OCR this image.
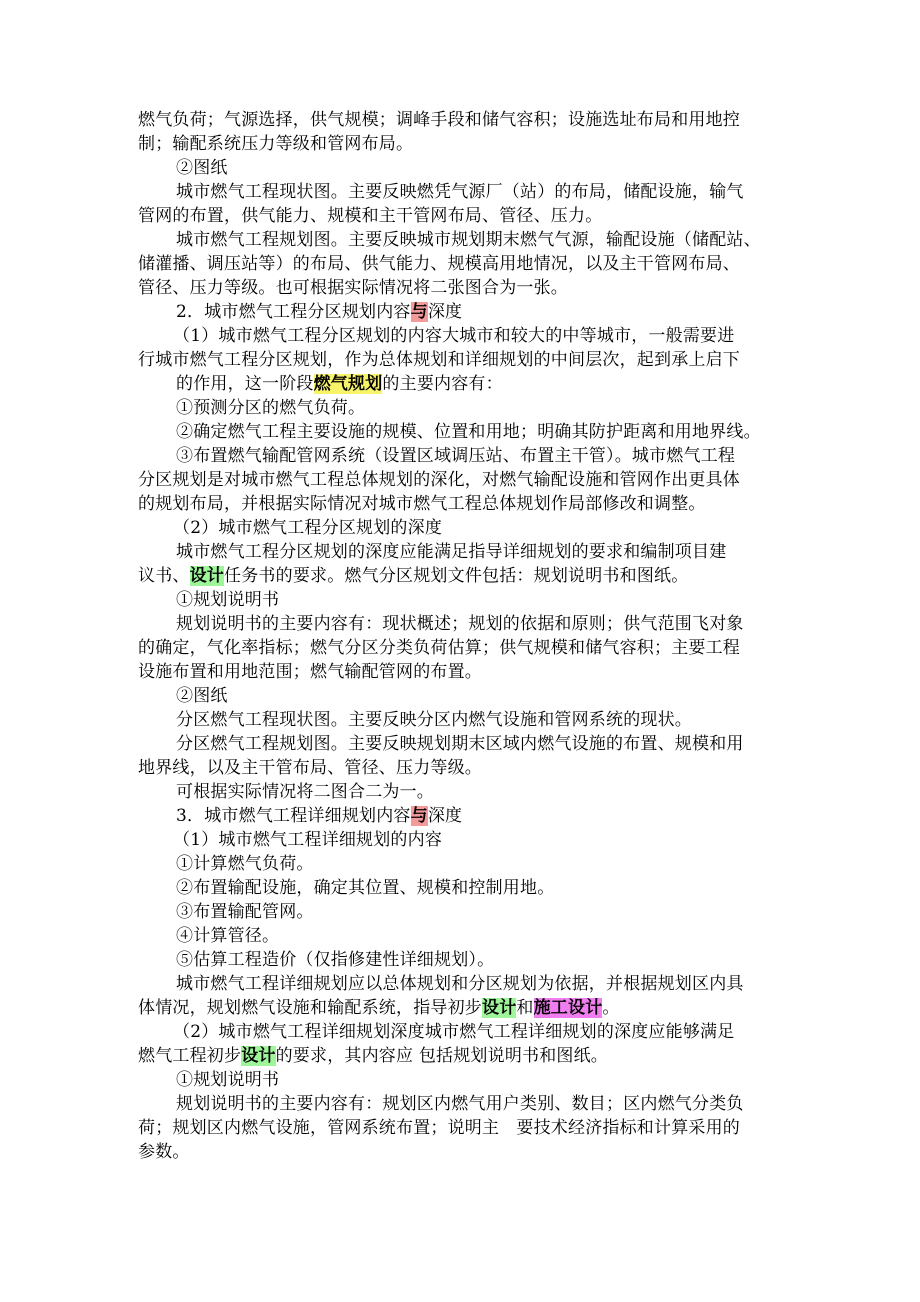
燃气负荷；气源选择，供气规模；调峰手段和储气容积；设施选址布局和用地控
制；输配系统压力等级和管网布局。
②图纸
城市燃气工程现状图。主要反映燃凭气源厂（站）的布局，储配设施，输气
管网的布置，供气能力、规模和主干管网布局、管径、压力。
城市燃气工程规划图。主要反映城市规划期末燃气气源，输配设施（储配站、
储灌播、调压站等）的布局、供气能力、规模高用地情况，以及主干管网布局、
管径、压力等级。也可根据实际情况将二张图合为一张。
2．城市燃气工程分区规划内容与深度
（1）城市燃气工程分区规划的内容大城市和较大的中等城市，一般需要进
行城市燃气工程分区规划，作为总体规划和详细规划的中间层次，起到承上启下
的作用，这一阶段燃气规划的主要内容有：
①预测分区的燃气负荷。
②确定燃气工程主要设施的规模、位置和用地；明确其防护距离和用地界线。
③布置燃气输配管网系统（设置区域调压站、布置主干管）。城市燃气工程
分区规划是对城市燃气工程总体规划的深化，对燃气输配设施和管网作出更具体
的规划布局，并根据实际情况对城市燃气工程总体规划作局部修改和调整。
（2）城市燃气工程分区规划的深度
城市燃气工程分区规划的深度应能满足指导详细规划的要求和编制项目建
议书、设计任务书的要求。燃气分区规划文件包括：规划说明书和图纸。
①规划说明书
规划说明书的主要内容有：现状概述；规划的依据和原则；供气范围飞对象
的确定，气化率指标；燃气分区分类负荷估算；供气规模和储气容积；主要工程
设施布置和用地范围；燃气输配管网的布置。
②图纸
分区燃气工程现状图。主要反映分区内燃气设施和管网系统的现状。
分区燃气工程规划图。主要反映规划期末区域内燃气设施的布置、规模和用
地界线，以及主干管布局、管径、压力等级。
可根据实际情况将二图合二为一。
3．城市燃气工程详细规划内容与深度
（1）城市燃气工程详细规划的内容
①计算燃气负荷。
②布置输配设施，确定其位置、规模和控制用地。
③布置输配管网。
④计算管径。
⑤估算工程造价（仅指修建性详细规划）。
城市燃气工程详细规划应以总体规划和分区规划为依据，并根据规划区内具
体情况，规划燃气设施和输配系统，指导初步设计和施工设计。
（2）城市燃气工程详细规划深度城市燃气工程详细规划的深度应能够满足
燃气工程初步设计的要求，其内容应 包括规划说明书和图纸。
①规划说明书
规划说明书的主要内容有：规划区内燃气用户类别、数目；区内燃气分类负
荷；规划区内燃气设施，管网系统布置；说明主　要技术经济指标和计算采用的
参数。
